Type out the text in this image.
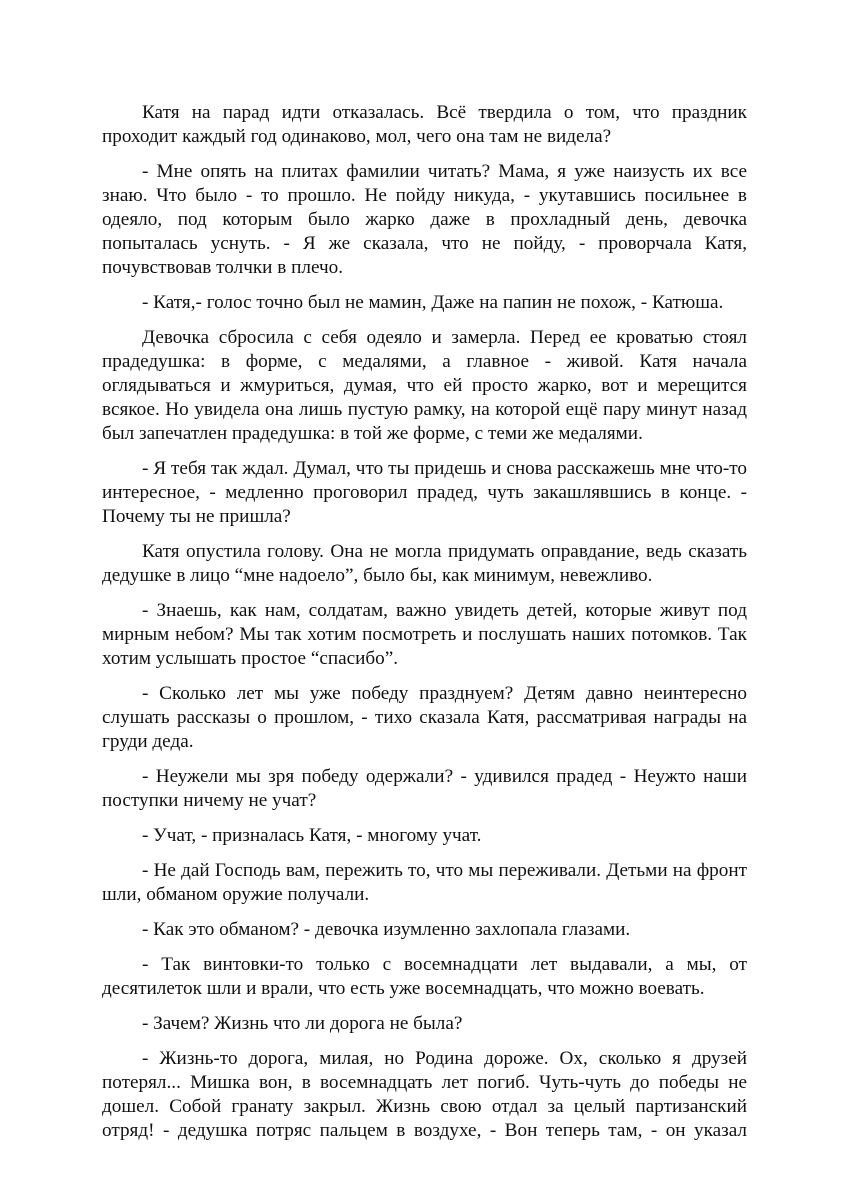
Катя на парад идти отказалась. Всё твердила о том, что праздник проходит каждый год одинаково, мол, чего она там не видела?

- Мне опять на плитах фамилии читать? Мама, я уже наизусть их все знаю. Что было - то прошло. Не пойду никуда, - укутавшись посильнее в одеяло, под которым было жарко даже в прохладный день, девочка попыталась уснуть. - Я же сказала, что не пойду, - проворчала Катя, почувствовав толчки в плечо.

- Катя,- голос точно был не мамин, Даже на папин не похож, - Катюша.

Девочка сбросила с себя одеяло и замерла. Перед ее кроватью стоял прадедушка: в форме, с медалями, а главное - живой. Катя начала оглядываться и жмуриться, думая, что ей просто жарко, вот и мерещится всякое. Но увидела она лишь пустую рамку, на которой ещё пару минут назад был запечатлен прадедушка: в той же форме, с теми же медалями.

- Я тебя так ждал. Думал, что ты придешь и снова расскажешь мне что-то интересное, - медленно проговорил прадед, чуть закашлявшись в конце. - Почему ты не пришла?

Катя опустила голову. Она не могла придумать оправдание, ведь сказать дедушке в лицо “мне надоело”, было бы, как минимум, невежливо.

- Знаешь, как нам, солдатам, важно увидеть детей, которые живут под мирным небом? Мы так хотим посмотреть и послушать наших потомков. Так хотим услышать простое “спасибо”.

- Сколько лет мы уже победу празднуем? Детям давно неинтересно слушать рассказы о прошлом, - тихо сказала Катя, рассматривая награды на груди деда.

- Неужели мы зря победу одержали? - удивился прадед - Неужто наши поступки ничему не учат?

- Учат, - призналась Катя, - многому учат.

- Не дай Господь вам, пережить то, что мы переживали. Детьми на фронт шли, обманом оружие получали.

- Как это обманом? - девочка изумленно захлопала глазами.

- Так винтовки-то только с восемнадцати лет выдавали, а мы, от десятилеток шли и врали, что есть уже восемнадцать, что можно воевать.

- Зачем? Жизнь что ли дорога не была?

- Жизнь-то дорога, милая, но Родина дороже. Ох, сколько я друзей потерял... Мишка вон, в восемнадцать лет погиб. Чуть-чуть до победы не дошел. Собой гранату закрыл. Жизнь свою отдал за целый партизанский отряд! - дедушка потряс пальцем в воздухе, - Вон теперь там, - он указал
